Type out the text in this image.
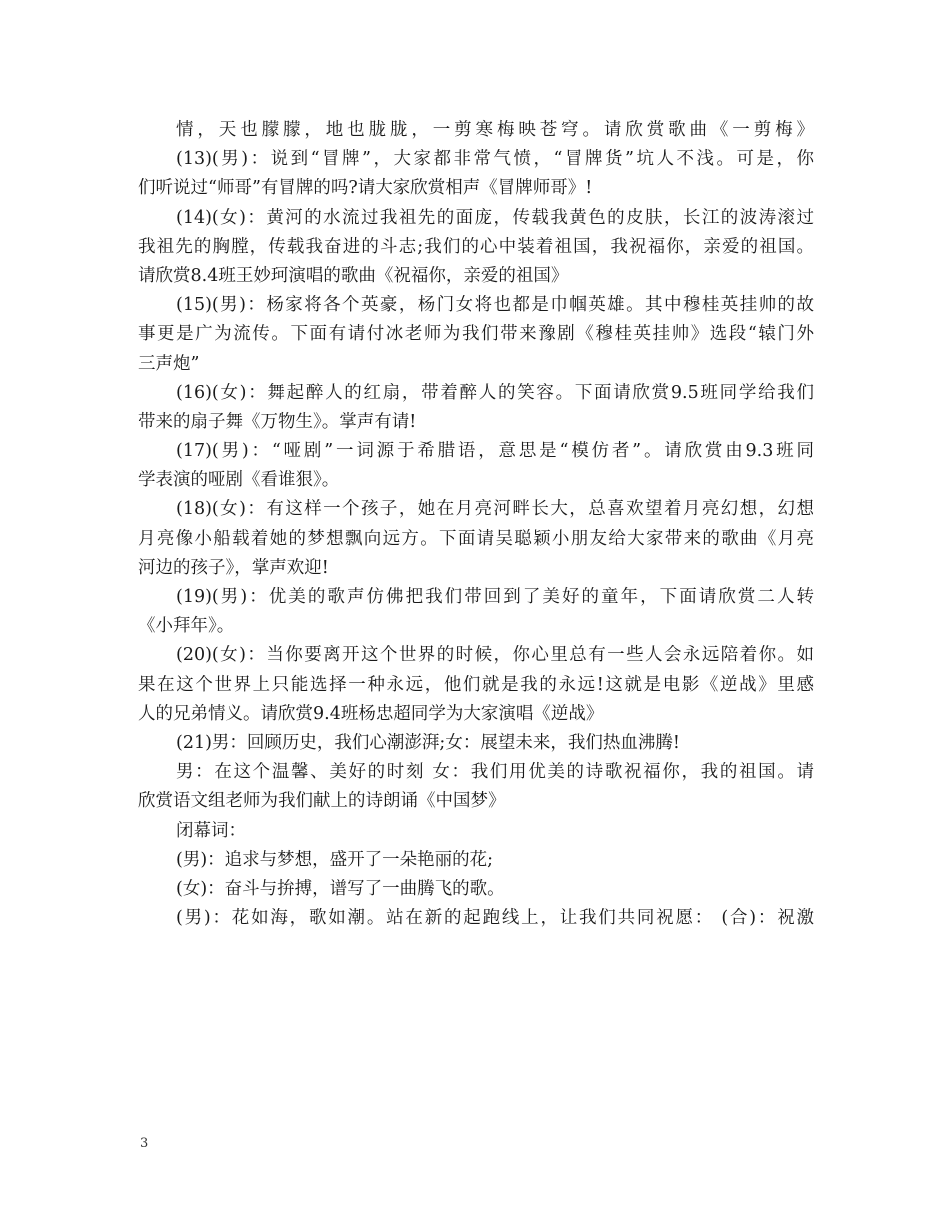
情，天也朦朦，地也胧胧，一剪寒梅映苍穹。请欣赏歌曲《一剪梅》
(13)(男)：说到“冒牌”，大家都非常气愤，“冒牌货”坑人不浅。可是，你
们听说过“师哥”有冒牌的吗?请大家欣赏相声《冒牌师哥》!
(14)(女)：黄河的水流过我祖先的面庞，传载我黄色的皮肤，长江的波涛滚过
我祖先的胸膛，传载我奋进的斗志;我们的心中装着祖国，我祝福你，亲爱的祖国。
请欣赏8.4班王妙珂演唱的歌曲《祝福你，亲爱的祖国》
(15)(男)：杨家将各个英豪，杨门女将也都是巾帼英雄。其中穆桂英挂帅的故
事更是广为流传。下面有请付冰老师为我们带来豫剧《穆桂英挂帅》选段“辕门外
三声炮”
(16)(女)：舞起醉人的红扇，带着醉人的笑容。下面请欣赏9.5班同学给我们
带来的扇子舞《万物生》。掌声有请!
(17)(男)：“哑剧”一词源于希腊语，意思是“模仿者”。请欣赏由9.3班同
学表演的哑剧《看谁狠》。
(18)(女)：有这样一个孩子，她在月亮河畔长大，总喜欢望着月亮幻想，幻想
月亮像小船载着她的梦想飘向远方。下面请吴聪颖小朋友给大家带来的歌曲《月亮
河边的孩子》，掌声欢迎!
(19)(男)：优美的歌声仿佛把我们带回到了美好的童年，下面请欣赏二人转
《小拜年》。
(20)(女)：当你要离开这个世界的时候，你心里总有一些人会永远陪着你。如
果在这个世界上只能选择一种永远，他们就是我的永远!这就是电影《逆战》里感
人的兄弟情义。请欣赏9.4班杨忠超同学为大家演唱《逆战》
(21)男：回顾历史，我们心潮澎湃;女：展望未来，我们热血沸腾!
男：在这个温馨、美好的时刻 女：我们用优美的诗歌祝福你，我的祖国。请
欣赏语文组老师为我们献上的诗朗诵《中国梦》
闭幕词：
(男)：追求与梦想，盛开了一朵艳丽的花;
(女)：奋斗与拚搏，谱写了一曲腾飞的歌。
(男)：花如海，歌如潮。站在新的起跑线上，让我们共同祝愿： (合)：祝激
3
